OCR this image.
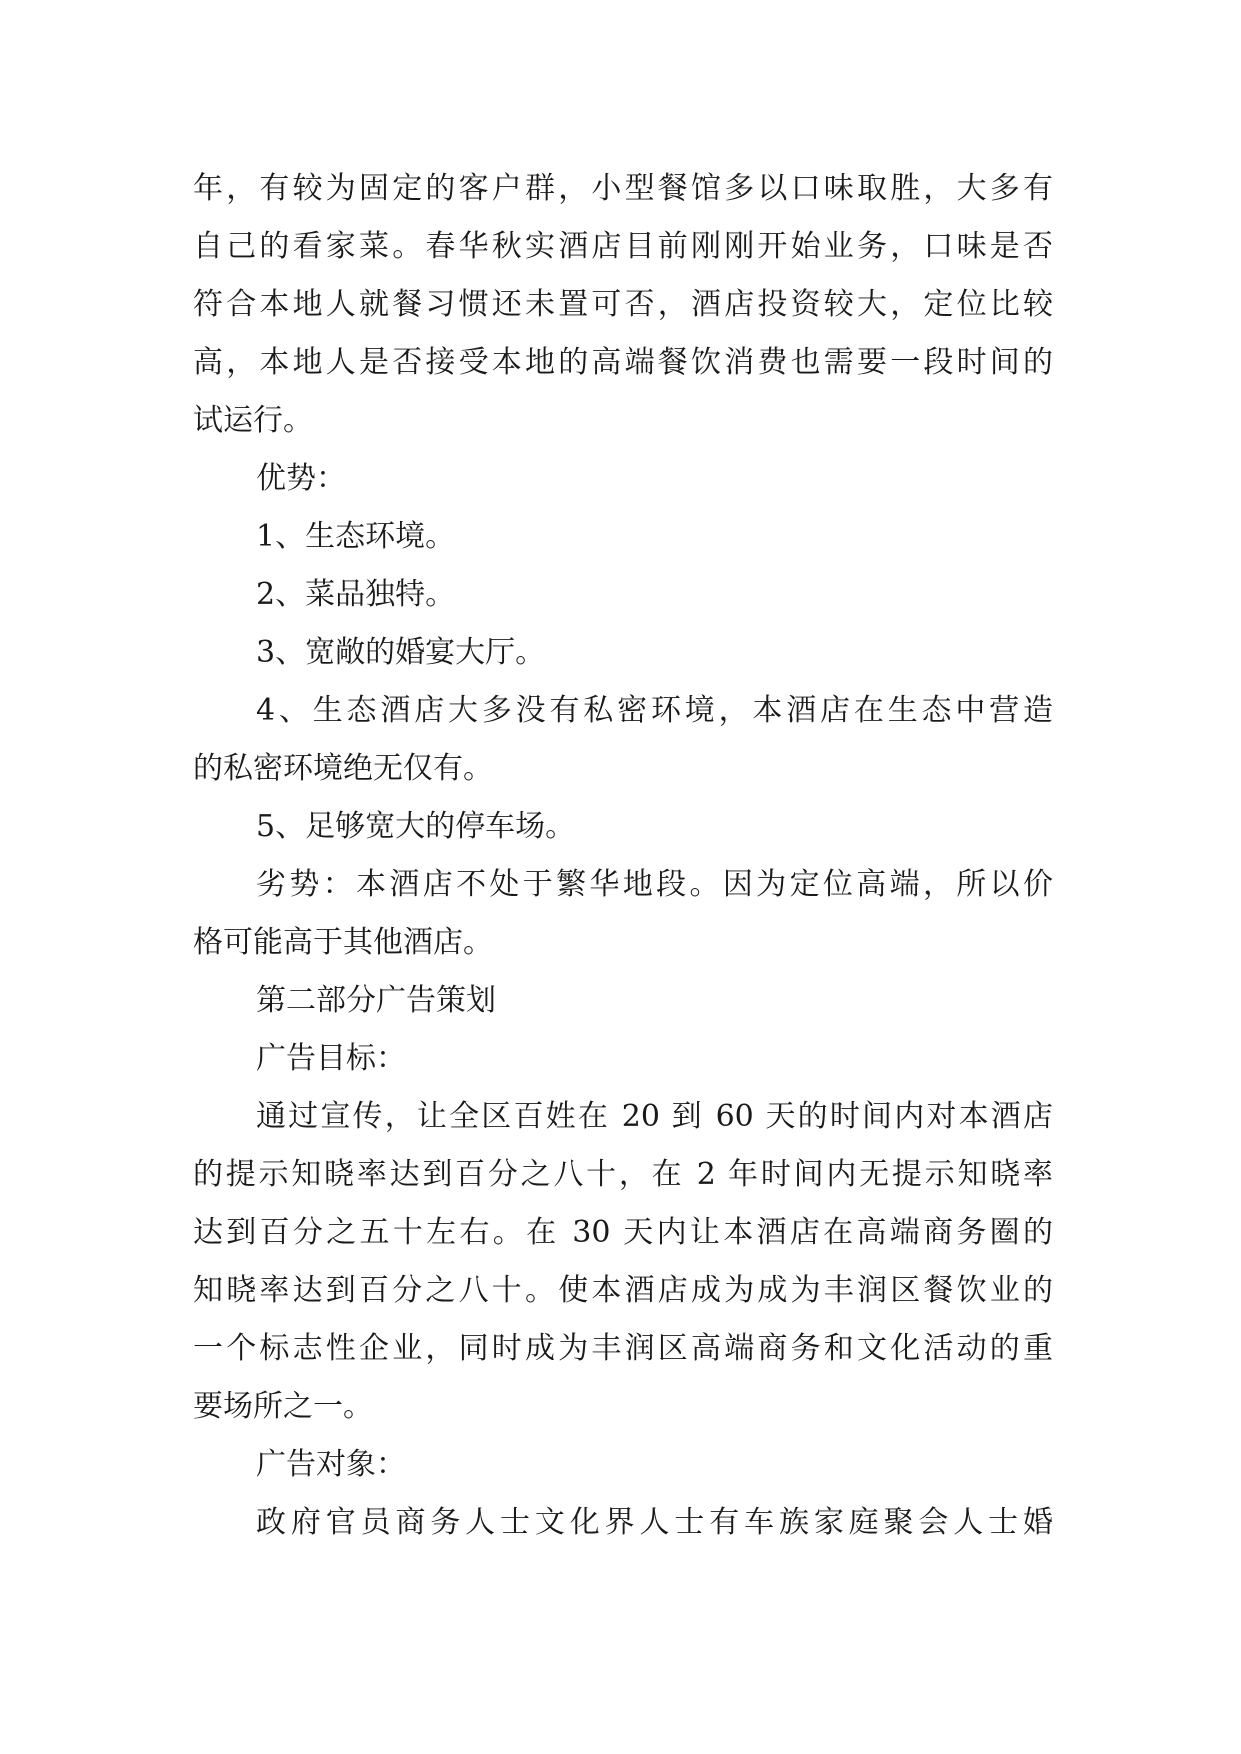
年，有较为固定的客户群，小型餐馆多以口味取胜，大多有
自己的看家菜。春华秋实酒店目前刚刚开始业务，口味是否
符合本地人就餐习惯还未置可否，酒店投资较大，定位比较
高，本地人是否接受本地的高端餐饮消费也需要一段时间的
试运行。
优势：
1、生态环境。
2、菜品独特。
3、宽敞的婚宴大厅。
4、生态酒店大多没有私密环境，本酒店在生态中营造
的私密环境绝无仅有。
5、足够宽大的停车场。
劣势：本酒店不处于繁华地段。因为定位高端，所以价
格可能高于其他酒店。
第二部分广告策划
广告目标：
通过宣传，让全区百姓在 20 到 60 天的时间内对本酒店
的提示知晓率达到百分之八十，在 2 年时间内无提示知晓率
达到百分之五十左右。在 30 天内让本酒店在高端商务圈的
知晓率达到百分之八十。使本酒店成为成为丰润区餐饮业的
一个标志性企业，同时成为丰润区高端商务和文化活动的重
要场所之一。
广告对象：
政府官员商务人士文化界人士有车族家庭聚会人士婚
